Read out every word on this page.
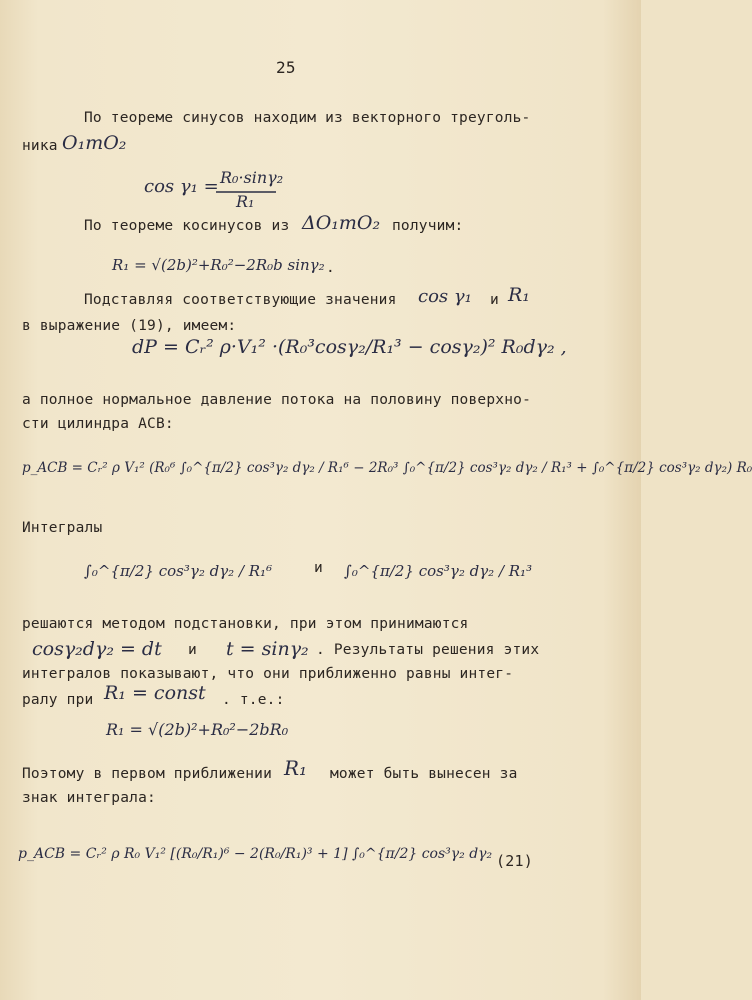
25
По теореме синусов находим из векторного треуголь-
ника O₁mO₂
cos γ₁ = R₀·sinγ₂
R₁
По теореме косинусов из ΔO₁mO₂ получим:
R₁ = √(2b)²+R₀²−2R₀b sinγ₂ .
Подставляя соответствующие значения cos γ₁ и R₁
в выражение (19), имеем:
dP = Cᵣ² ρ·V₁² ·(R₀³cosγ₂/R₁³ − cosγ₂)² R₀dγ₂ ,
а полное нормальное давление потока на половину поверхно-
сти цилиндра АСВ:
p_ACB = Cᵣ² ρ V₁² (R₀⁶ ∫₀^{π/2} cos³γ₂ dγ₂ / R₁⁶ − 2R₀³ ∫₀^{π/2} cos³γ₂ dγ₂ / R₁³ + ∫₀^{π/2} cos³γ₂ dγ₂) R₀
Интегралы
∫₀^{π/2} cos³γ₂ dγ₂ / R₁⁶	и ∫₀^{π/2} cos³γ₂ dγ₂ / R₁³
решаются методом подстановки, при этом принимаются
cosγ₂dγ₂ = dt и t = sinγ₂ . Результаты решения этих
интегралов показывают, что они приближенно равны интег-
ралу при R₁ = const . т.е.:
R₁ = √(2b)²+R₀²−2bR₀
Поэтому в первом приближении R₁ может быть вынесен за
знак интеграла:
p_ACB = Cᵣ² ρ R₀ V₁² [(R₀/R₁)⁶ − 2(R₀/R₁)³ + 1] ∫₀^{π/2} cos³γ₂ dγ₂ (21)
